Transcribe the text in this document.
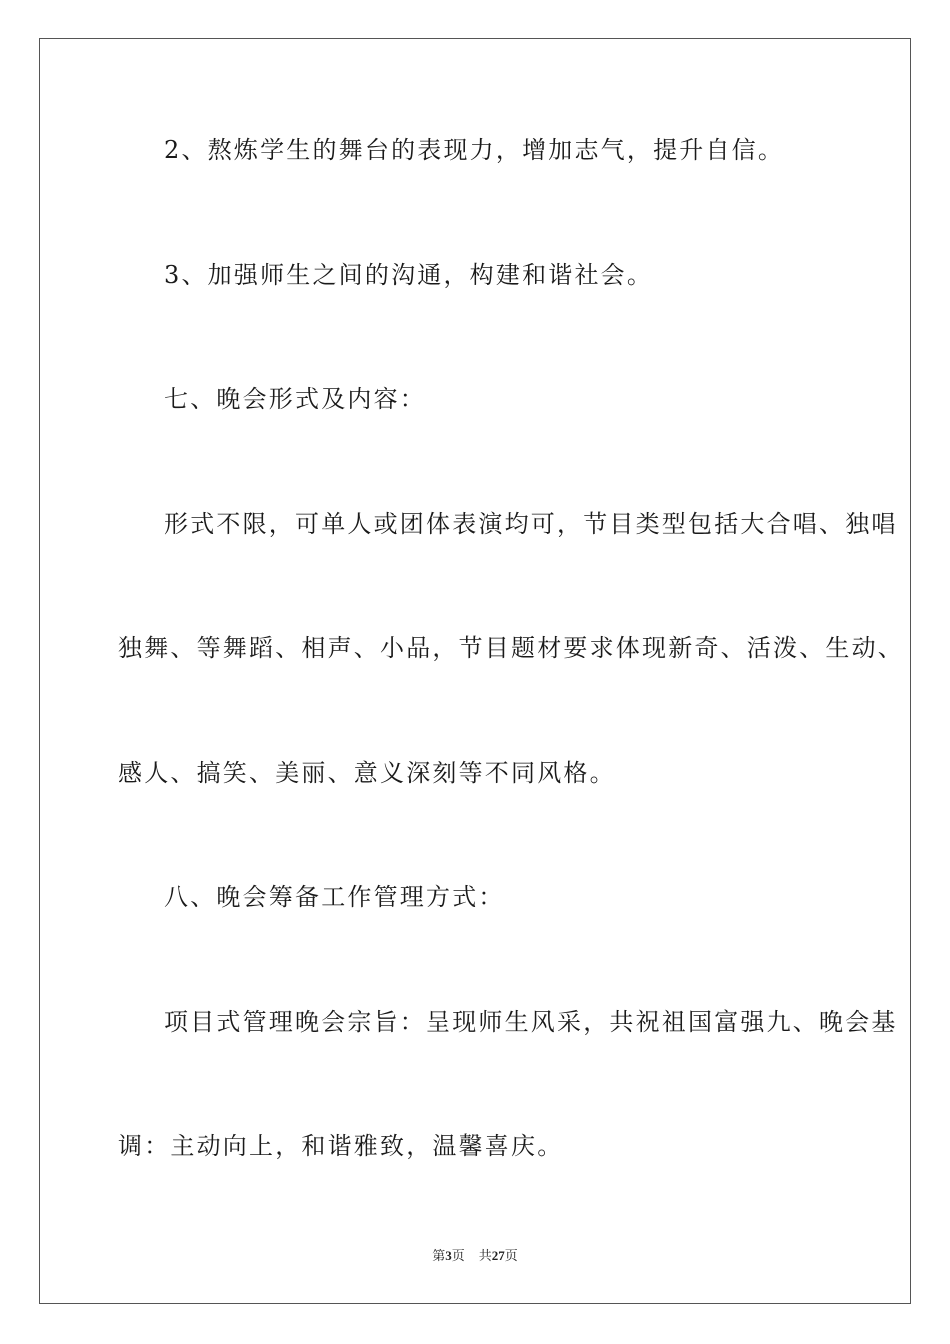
2、熬炼学生的舞台的表现力，增加志气，提升自信。
3、加强师生之间的沟通，构建和谐社会。
七、晚会形式及内容：
形式不限，可单人或团体表演均可，节目类型包括大合唱、独唱
独舞、等舞蹈、相声、小品，节目题材要求体现新奇、活泼、生动、
感人、搞笑、美丽、意义深刻等不同风格。
八、晚会筹备工作管理方式：
项目式管理晚会宗旨：呈现师生风采，共祝祖国富强九、晚会基
调：主动向上，和谐雅致，温馨喜庆。
第3页 共27页
